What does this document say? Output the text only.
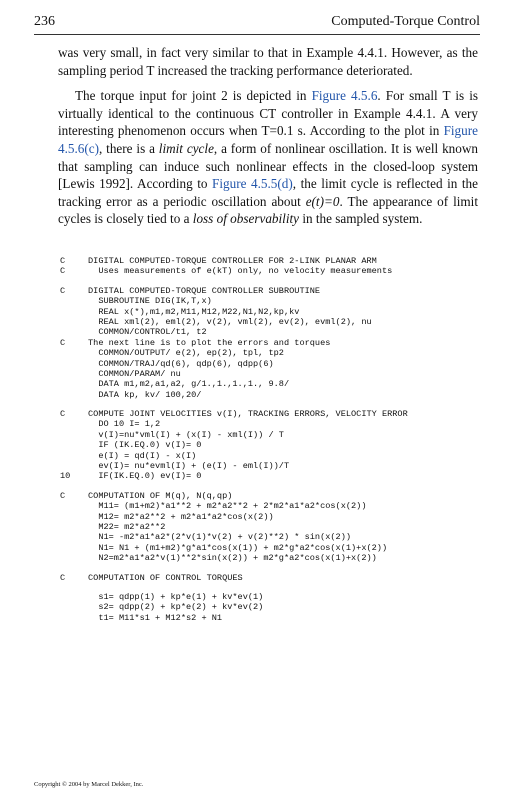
236	Computed-Torque Control

was very small, in fact very similar to that in Example 4.4.1. However, as the sampling period T increased the tracking performance deteriorated.

The torque input for joint 2 is depicted in Figure 4.5.6. For small T is is virtually identical to the continuous CT controller in Example 4.4.1. A very interesting phenomenon occurs when T=0.1 s. According to the plot in Figure 4.5.6(c), there is a limit cycle, a form of nonlinear oscillation. It is well known that sampling can induce such nonlinear effects in the closed-loop system [Lewis 1992]. According to Figure 4.5.5(d), the limit cycle is reflected in the tracking error as a periodic oscillation about e(t)=0. The appearance of limit cycles is closely tied to a loss of observability in the sampled system.

C	DIGITAL COMPUTED-TORQUE CONTROLLER FOR 2-LINK PLANAR ARM
C	Uses measurements of e(kT) only, no velocity measurements
C	DIGITAL COMPUTED-TORQUE CONTROLLER SUBROUTINE
SUBROUTINE DIG(IK,T,x)
REAL x(*),m1,m2,M11,M12,M22,N1,N2,kp,kv
REAL xml(2), eml(2), v(2), vml(2), ev(2), evml(2), nu
COMMON/CONTROL/t1, t2
C	The next line is to plot the errors and torques
COMMON/OUTPUT/ e(2), ep(2), tpl, tp2
COMMON/TRAJ/qd(6), qdp(6), qdpp(6)
COMMON/PARAM/ nu
DATA m1,m2,a1,a2, g/1.,1.,1.,1., 9.8/
DATA kp, kv/ 100,20/
C	COMPUTE JOINT VELOCITIES v(I), TRACKING ERRORS, VELOCITY ERROR
DO 10 I= 1,2
v(I)=nu*vml(I) + (x(I) - xml(I)) / T
IF (IK.EQ.0) v(I)= 0
e(I) = qd(I) - x(I)
ev(I)= nu*evml(I) + (e(I) - eml(I))/T
10  IF(IK.EQ.0) ev(I)= 0
C	COMPUTATION OF M(q), N(q,qp)
M11= (m1+m2)*a1**2 + m2*a2**2 + 2*m2*a1*a2*cos(x(2))
M12= m2*a2**2 + m2*a1*a2*cos(x(2))
M22= m2*a2**2
N1= -m2*a1*a2*(2*v(1)*v(2) + v(2)**2) * sin(x(2))
N1= N1 + (m1+m2)*g*a1*cos(x(1)) + m2*g*a2*cos(x(1)+x(2))
N2=m2*a1*a2*v(1)**2*sin(x(2)) + m2*g*a2*cos(x(1)+x(2))
C	COMPUTATION OF CONTROL TORQUES
s1= qdpp(1) + kp*e(1) + kv*ev(1)
s2= qdpp(2) + kp*e(2) + kv*ev(2)
t1= M11*s1 + M12*s2 + N1
Copyright © 2004 by Marcel Dekker, Inc.
